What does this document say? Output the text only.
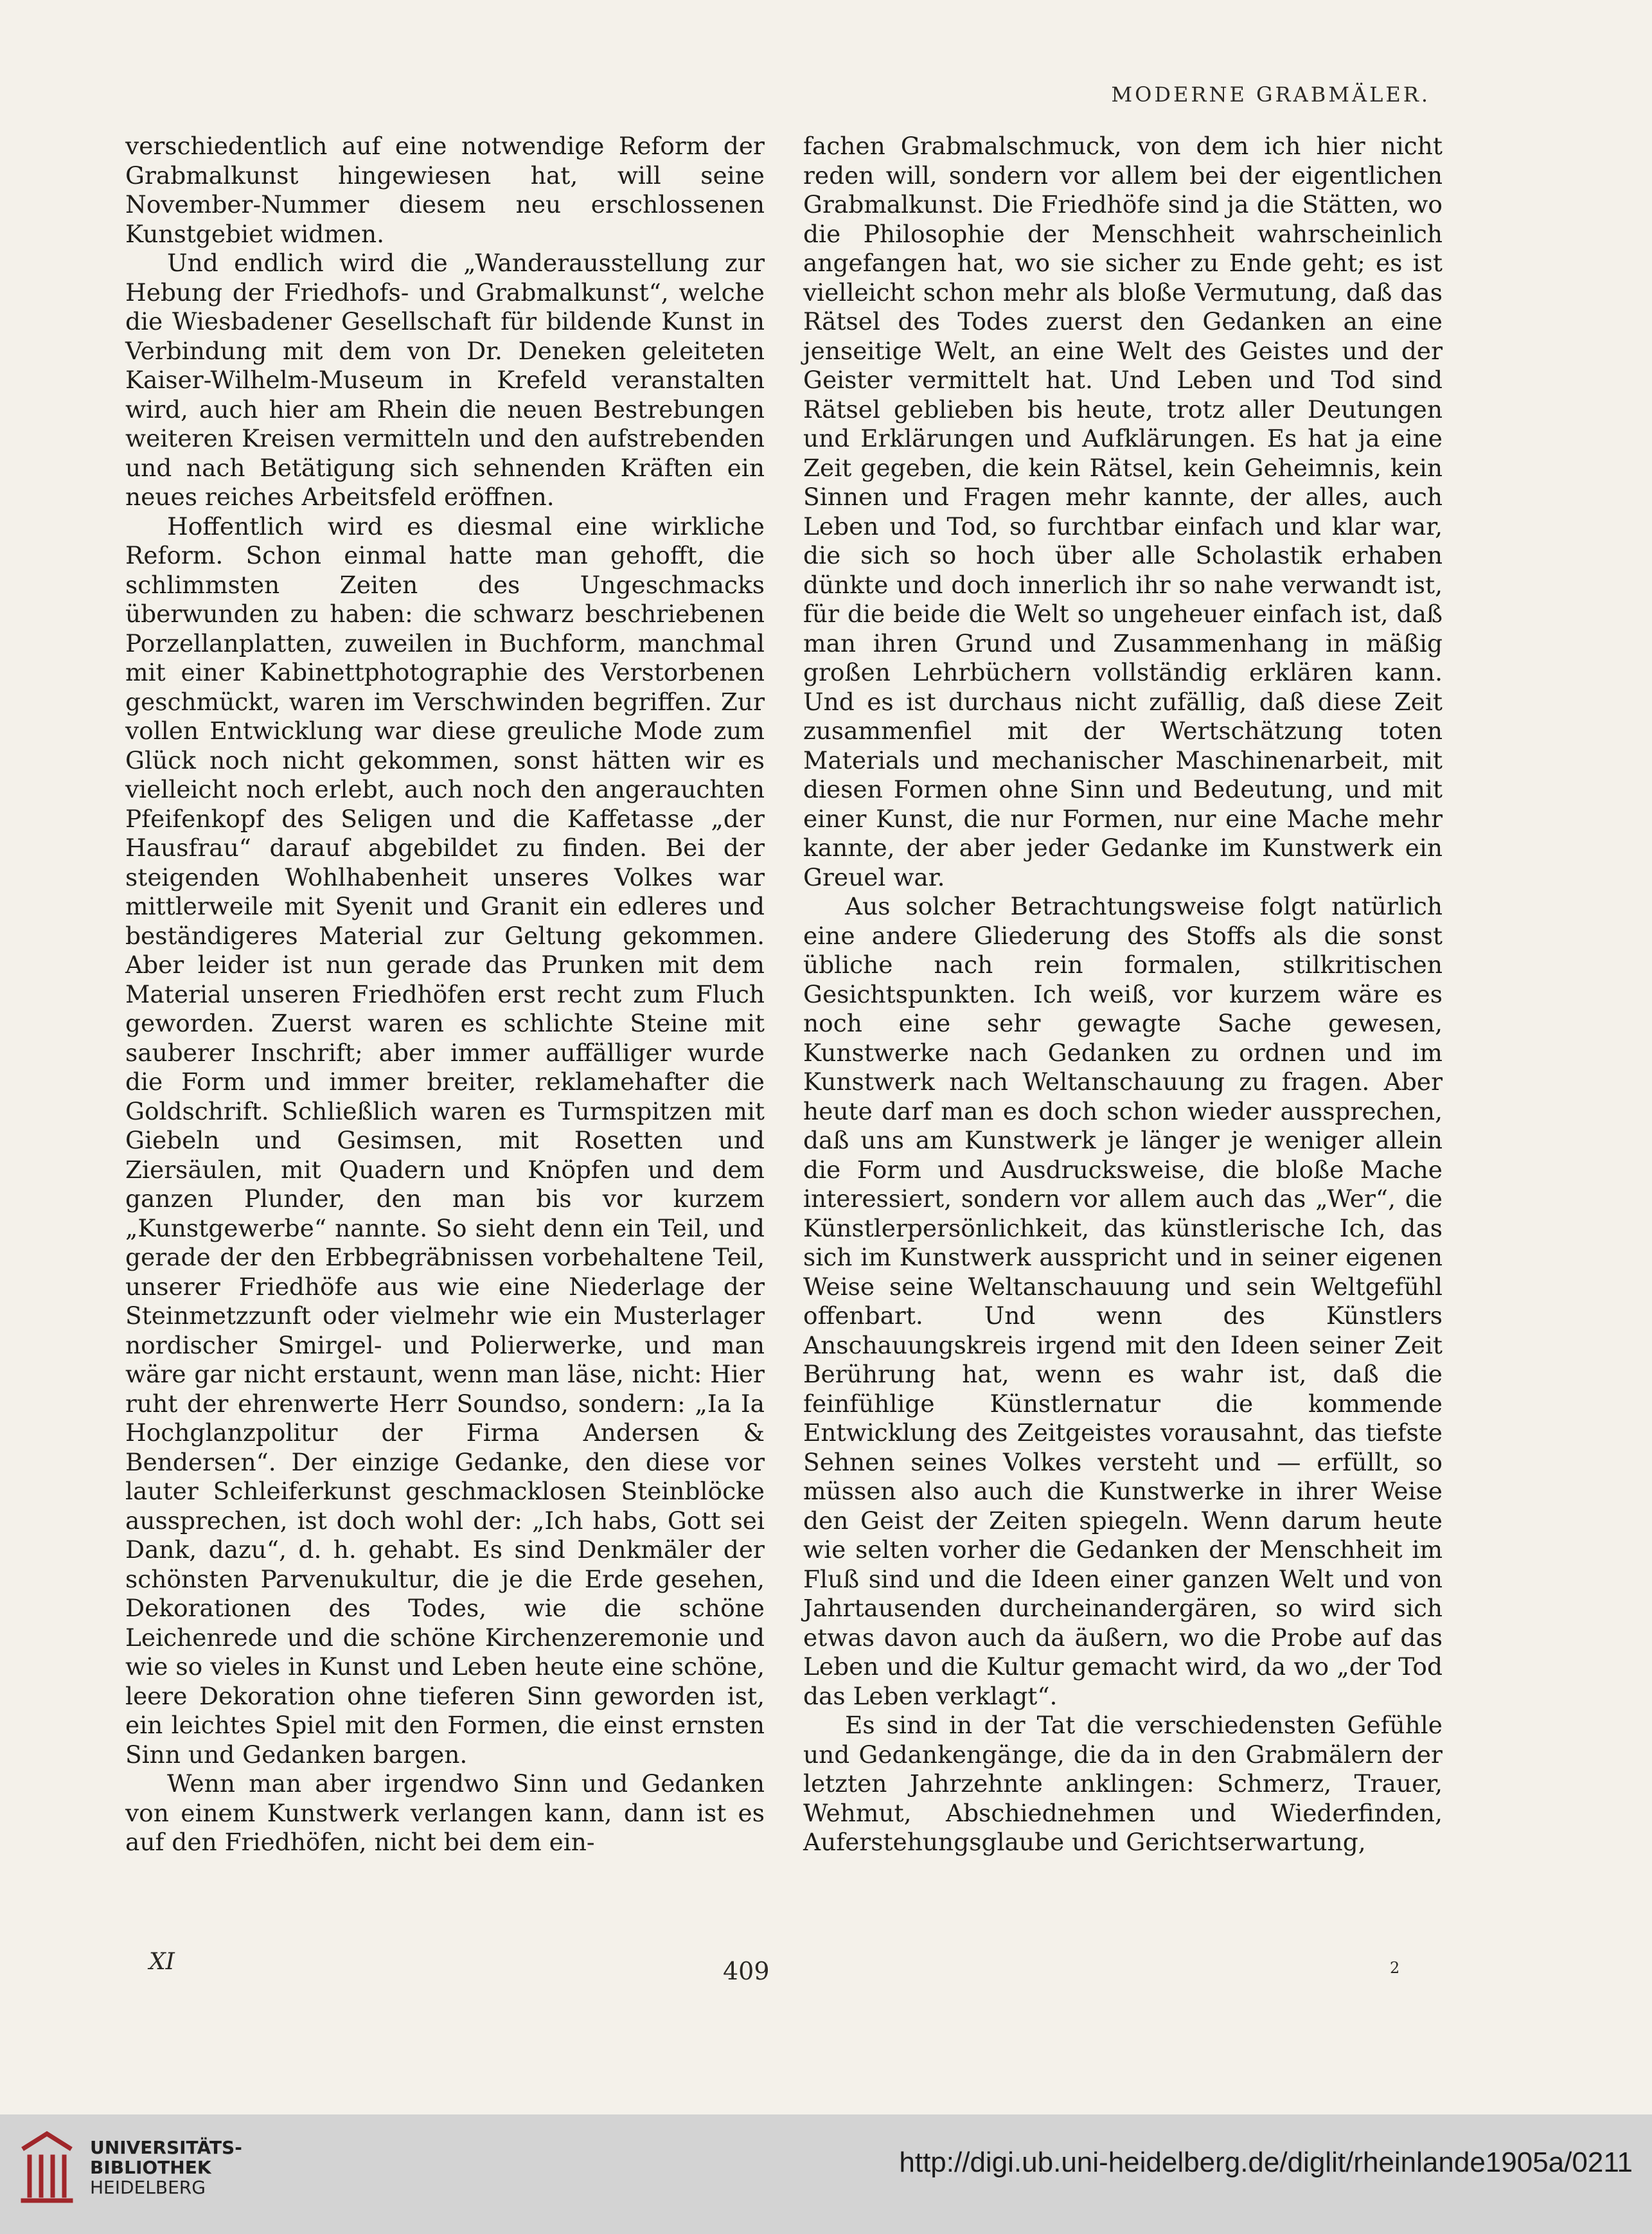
MODERNE GRABMÄLER.

verschiedentlich auf eine notwendige Reform der Grabmalkunst hingewiesen hat, will seine November-Nummer diesem neu erschlossenen Kunstgebiet widmen.

Und endlich wird die „Wanderausstellung zur Hebung der Friedhofs- und Grabmalkunst“, welche die Wiesbadener Gesellschaft für bildende Kunst in Verbindung mit dem von Dr. Deneken geleiteten Kaiser-Wilhelm-Museum in Krefeld veranstalten wird, auch hier am Rhein die neuen Bestrebungen weiteren Kreisen vermitteln und den aufstrebenden und nach Betätigung sich sehnenden Kräften ein neues reiches Arbeitsfeld eröffnen.

Hoffentlich wird es diesmal eine wirkliche Reform. Schon einmal hatte man gehofft, die schlimmsten Zeiten des Ungeschmacks überwunden zu haben: die schwarz beschriebenen Porzellanplatten, zuweilen in Buchform, manchmal mit einer Kabinettphotographie des Verstorbenen geschmückt, waren im Verschwinden begriffen. Zur vollen Entwicklung war diese greuliche Mode zum Glück noch nicht gekommen, sonst hätten wir es vielleicht noch erlebt, auch noch den angerauchten Pfeifenkopf des Seligen und die Kaffetasse „der Hausfrau“ darauf abgebildet zu finden. Bei der steigenden Wohlhabenheit unseres Volkes war mittlerweile mit Syenit und Granit ein edleres und beständigeres Material zur Geltung gekommen. Aber leider ist nun gerade das Prunken mit dem Material unseren Friedhöfen erst recht zum Fluch geworden. Zuerst waren es schlichte Steine mit sauberer Inschrift; aber immer auffälliger wurde die Form und immer breiter, reklamehafter die Goldschrift. Schließlich waren es Turmspitzen mit Giebeln und Gesimsen, mit Rosetten und Ziersäulen, mit Quadern und Knöpfen und dem ganzen Plunder, den man bis vor kurzem „Kunstgewerbe“ nannte. So sieht denn ein Teil, und gerade der den Erbbegräbnissen vorbehaltene Teil, unserer Friedhöfe aus wie eine Niederlage der Steinmetzzunft oder vielmehr wie ein Musterlager nordischer Smirgel- und Polierwerke, und man wäre gar nicht erstaunt, wenn man läse, nicht: Hier ruht der ehrenwerte Herr Soundso, sondern: „Ia Ia Hochglanzpolitur der Firma Andersen & Bendersen“. Der einzige Gedanke, den diese vor lauter Schleiferkunst geschmacklosen Steinblöcke aussprechen, ist doch wohl der: „Ich habs, Gott sei Dank, dazu“, d. h. gehabt. Es sind Denkmäler der schönsten Parvenukultur, die je die Erde gesehen, Dekorationen des Todes, wie die schöne Leichenrede und die schöne Kirchenzeremonie und wie so vieles in Kunst und Leben heute eine schöne, leere Dekoration ohne tieferen Sinn geworden ist, ein leichtes Spiel mit den Formen, die einst ernsten Sinn und Gedanken bargen.

Wenn man aber irgendwo Sinn und Gedanken von einem Kunstwerk verlangen kann, dann ist es auf den Friedhöfen, nicht bei dem ein-

fachen Grabmalschmuck, von dem ich hier nicht reden will, sondern vor allem bei der eigentlichen Grabmalkunst. Die Friedhöfe sind ja die Stätten, wo die Philosophie der Menschheit wahrscheinlich angefangen hat, wo sie sicher zu Ende geht; es ist vielleicht schon mehr als bloße Vermutung, daß das Rätsel des Todes zuerst den Gedanken an eine jenseitige Welt, an eine Welt des Geistes und der Geister vermittelt hat. Und Leben und Tod sind Rätsel geblieben bis heute, trotz aller Deutungen und Erklärungen und Aufklärungen. Es hat ja eine Zeit gegeben, die kein Rätsel, kein Geheimnis, kein Sinnen und Fragen mehr kannte, der alles, auch Leben und Tod, so furchtbar einfach und klar war, die sich so hoch über alle Scholastik erhaben dünkte und doch innerlich ihr so nahe verwandt ist, für die beide die Welt so ungeheuer einfach ist, daß man ihren Grund und Zusammenhang in mäßig großen Lehrbüchern vollständig erklären kann. Und es ist durchaus nicht zufällig, daß diese Zeit zusammenfiel mit der Wertschätzung toten Materials und mechanischer Maschinenarbeit, mit diesen Formen ohne Sinn und Bedeutung, und mit einer Kunst, die nur Formen, nur eine Mache mehr kannte, der aber jeder Gedanke im Kunstwerk ein Greuel war.

Aus solcher Betrachtungsweise folgt natürlich eine andere Gliederung des Stoffs als die sonst übliche nach rein formalen, stilkritischen Gesichtspunkten. Ich weiß, vor kurzem wäre es noch eine sehr gewagte Sache gewesen, Kunstwerke nach Gedanken zu ordnen und im Kunstwerk nach Weltanschauung zu fragen. Aber heute darf man es doch schon wieder aussprechen, daß uns am Kunstwerk je länger je weniger allein die Form und Ausdrucksweise, die bloße Mache interessiert, sondern vor allem auch das „Wer“, die Künstlerpersönlichkeit, das künstlerische Ich, das sich im Kunstwerk ausspricht und in seiner eigenen Weise seine Weltanschauung und sein Weltgefühl offenbart. Und wenn des Künstlers Anschauungskreis irgend mit den Ideen seiner Zeit Berührung hat, wenn es wahr ist, daß die feinfühlige Künstlernatur die kommende Entwicklung des Zeitgeistes vorausahnt, das tiefste Sehnen seines Volkes versteht und — erfüllt, so müssen also auch die Kunstwerke in ihrer Weise den Geist der Zeiten spiegeln. Wenn darum heute wie selten vorher die Gedanken der Menschheit im Fluß sind und die Ideen einer ganzen Welt und von Jahrtausenden durcheinandergären, so wird sich etwas davon auch da äußern, wo die Probe auf das Leben und die Kultur gemacht wird, da wo „der Tod das Leben verklagt“.

Es sind in der Tat die verschiedensten Gefühle und Gedankengänge, die da in den Grabmälern der letzten Jahrzehnte anklingen: Schmerz, Trauer, Wehmut, Abschiednehmen und Wiederfinden, Auferstehungsglaube und Gerichtserwartung,

XI	409	2
UNIVERSITÄTS-
BIBLIOTHEK
HEIDELBERG
http://digi.ub.uni-heidelberg.de/diglit/rheinlande1905a/0211
